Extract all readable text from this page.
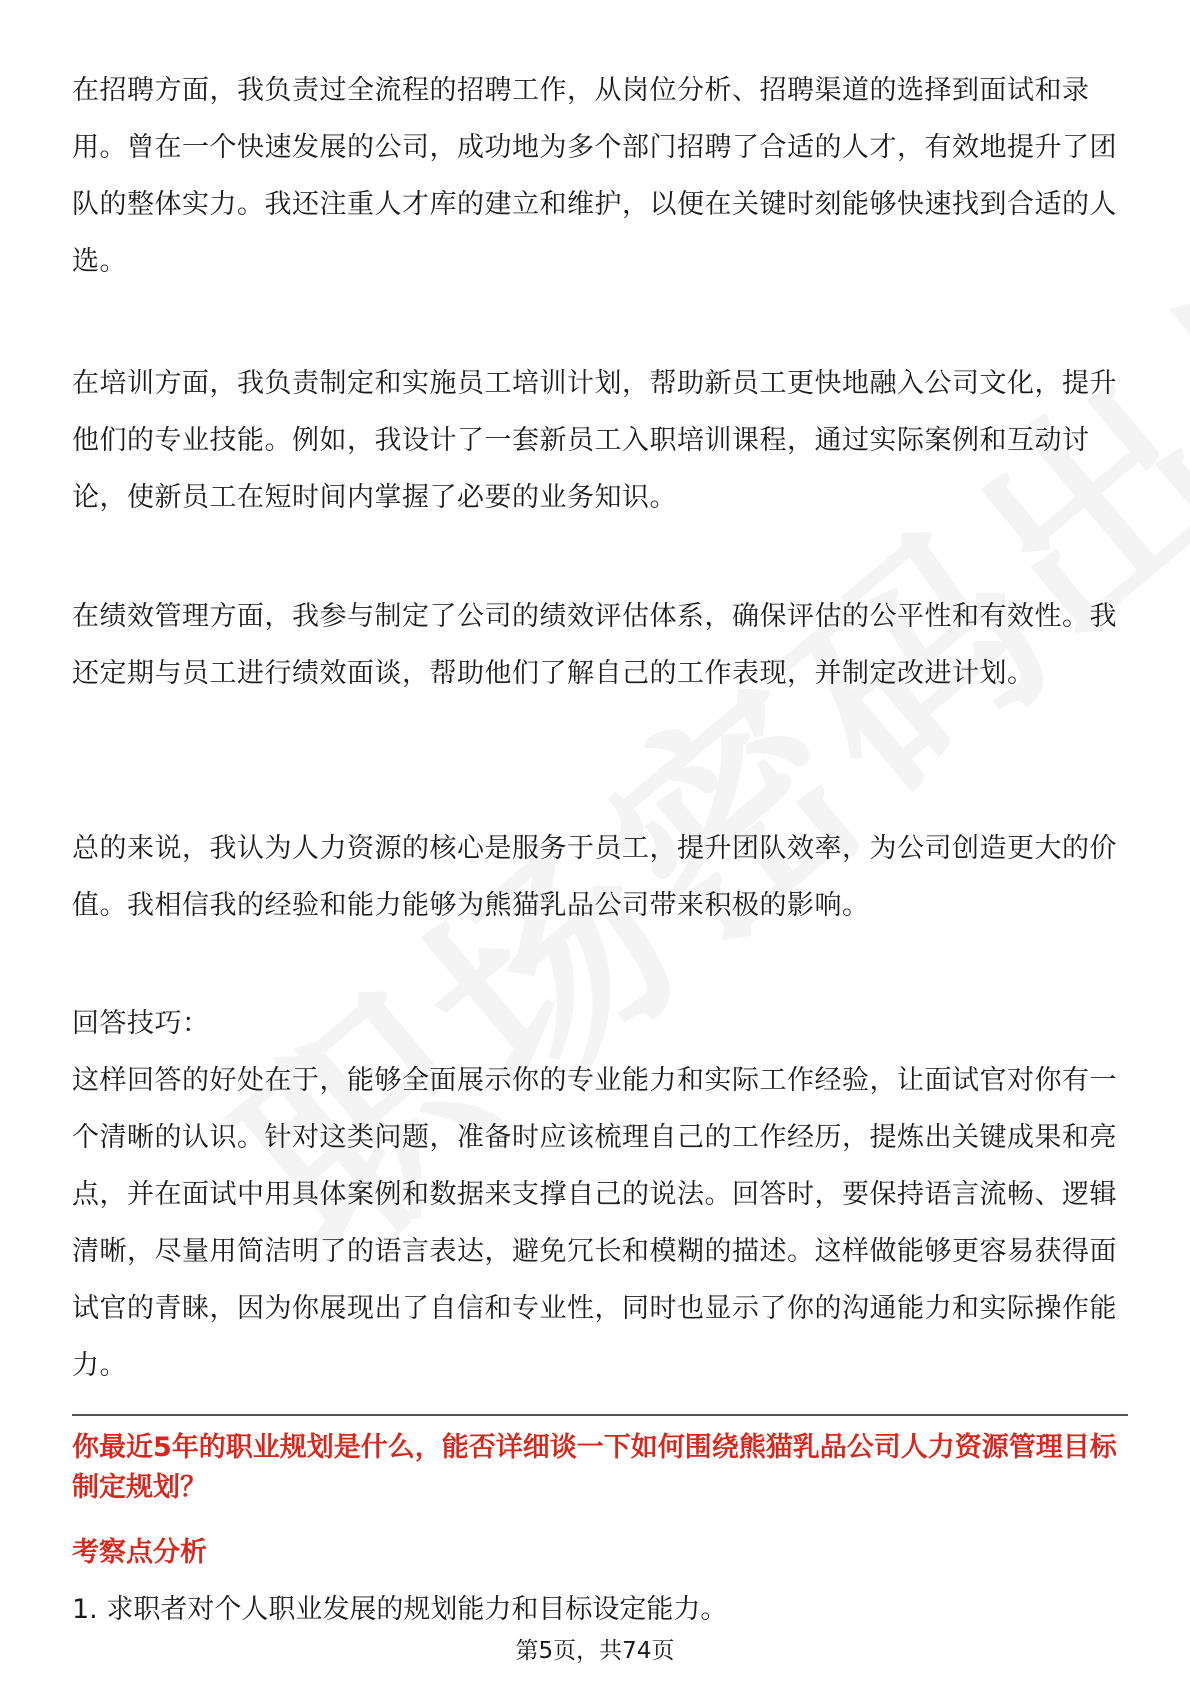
在招聘方面，我负责过全流程的招聘工作，从岗位分析、招聘渠道的选择到面试和录用。曾在一个快速发展的公司，成功地为多个部门招聘了合适的人才，有效地提升了团队的整体实力。我还注重人才库的建立和维护，以便在关键时刻能够快速找到合适的人选。

在培训方面，我负责制定和实施员工培训计划，帮助新员工更快地融入公司文化，提升他们的专业技能。例如，我设计了一套新员工入职培训课程，通过实际案例和互动讨论，使新员工在短时间内掌握了必要的业务知识。

在绩效管理方面，我参与制定了公司的绩效评估体系，确保评估的公平性和有效性。我还定期与员工进行绩效面谈，帮助他们了解自己的工作表现，并制定改进计划。

总的来说，我认为人力资源的核心是服务于员工，提升团队效率，为公司创造更大的价值。我相信我的经验和能力能够为熊猫乳品公司带来积极的影响。

回答技巧：

这样回答的好处在于，能够全面展示你的专业能力和实际工作经验，让面试官对你有一个清晰的认识。针对这类问题，准备时应该梳理自己的工作经历，提炼出关键成果和亮点，并在面试中用具体案例和数据来支撑自己的说法。回答时，要保持语言流畅、逻辑清晰，尽量用简洁明了的语言表达，避免冗长和模糊的描述。这样做能够更容易获得面试官的青睐，因为你展现出了自信和专业性，同时也显示了你的沟通能力和实际操作能力。

你最近5年的职业规划是什么，能否详细谈一下如何围绕熊猫乳品公司人力资源管理目标制定规划？

考察点分析

1. 求职者对个人职业发展的规划能力和目标设定能力。

第5页，共74页
